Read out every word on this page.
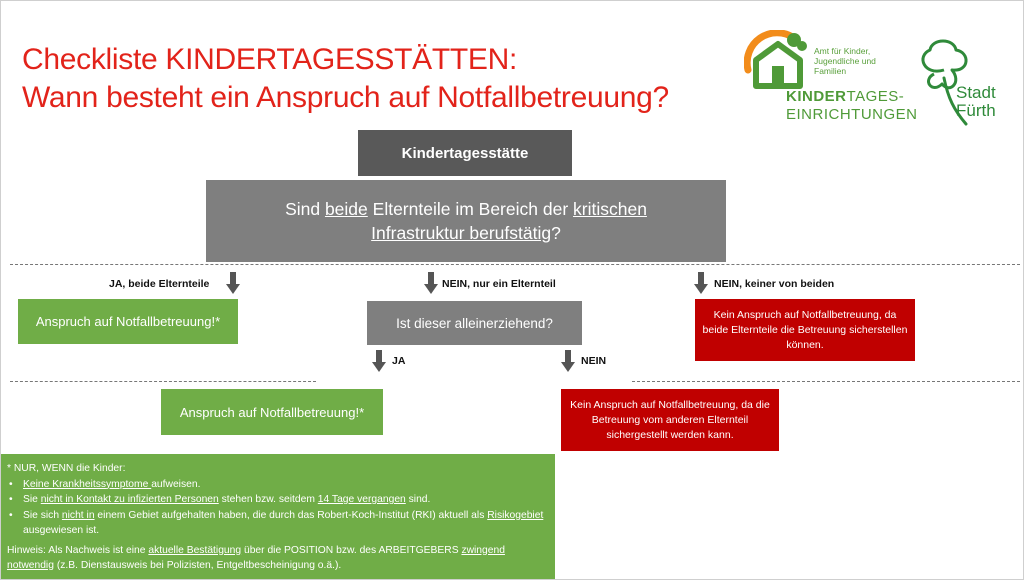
Checkliste KINDERTAGESSTÄTTEN:
Wann besteht ein Anspruch auf Notfallbetreuung?
Amt für Kinder, Jugendliche und Familien
KINDERTAGES-
EINRICHTUNGEN
Stadt
Fürth
Kindertagesstätte
Sind beide Elternteile im Bereich der kritischen Infrastruktur berufstätig?
JA, beide Elternteile
Anspruch auf Notfallbetreuung!*
NEIN, nur ein Elternteil
Ist dieser alleinerziehend?
NEIN, keiner von beiden
Kein Anspruch auf Notfallbetreuung, da beide Elternteile die Betreuung sicherstellen können.
JA	NEIN
Anspruch auf Notfallbetreuung!*	Kein Anspruch auf Notfallbetreuung, da die Betreuung vom anderen Elternteil sichergestellt werden kann.
* NUR, WENN die Kinder:
• Keine Krankheitssymptome aufweisen.
• Sie nicht in Kontakt zu infizierten Personen stehen bzw. seitdem 14 Tage vergangen sind.
• Sie sich nicht in einem Gebiet aufgehalten haben, die durch das Robert-Koch-Institut (RKI) aktuell als Risikogebiet ausgewiesen ist.
Hinweis: Als Nachweis ist eine aktuelle Bestätigung über die POSITION bzw. des ARBEITGEBERS zwingend notwendig (z.B. Dienstausweis bei Polizisten, Entgeltbescheinigung o.ä.).
